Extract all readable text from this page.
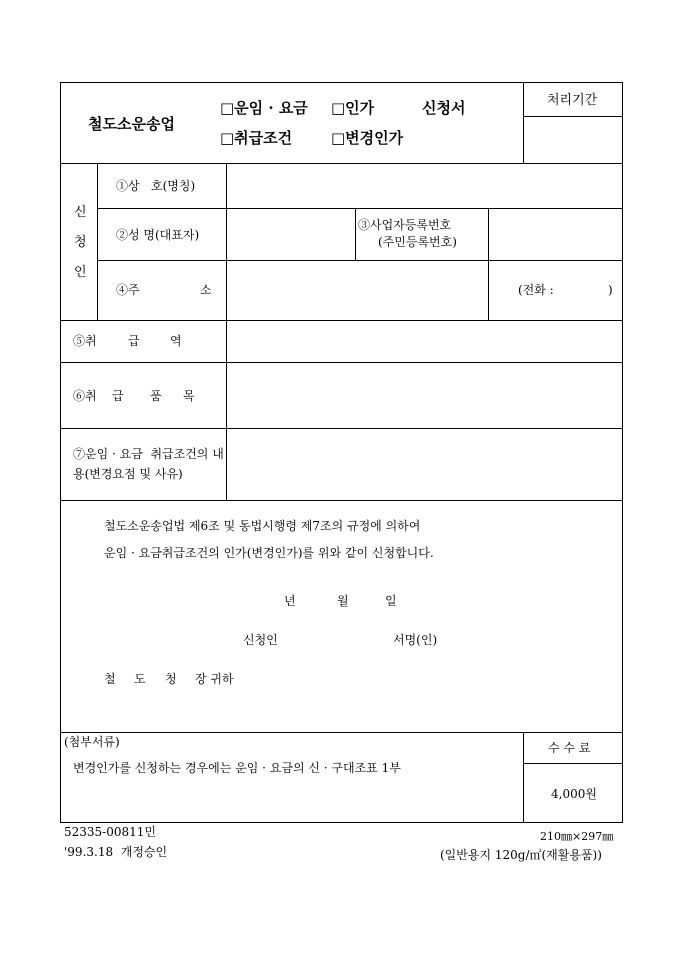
철도소운송업
□운임 · 요금 □인가	신청서
□취급조건	□변경인가
처리기간
신
청
인
①상   호(명칭)
②성 명(대표자)
③사업자등록번호
(주민등록번호)
④주	소	(전화 :	)
⑤취	급	역
⑥취 급 품 목
⑦운임 · 요금  취급조건의 내
용(변경요점 및 사유)
철도소운송업법 제6조 및 동법시행령 제7조의 규정에 의하여
운임 · 요금취급조건의 인가(변경인가)를 위와 같이 신청합니다.
년	월	일
신청인	서명(인)
철 도 청 장 귀하
(첨부서류)
변경인가를 신청하는 경우에는 운임 · 요금의 신 · 구대조표 1부
수 수 료
4,000원
52335-00811민
'99.3.18  개정승인
210㎜×297㎜
(일반용지 120g/㎡(재활용품))
